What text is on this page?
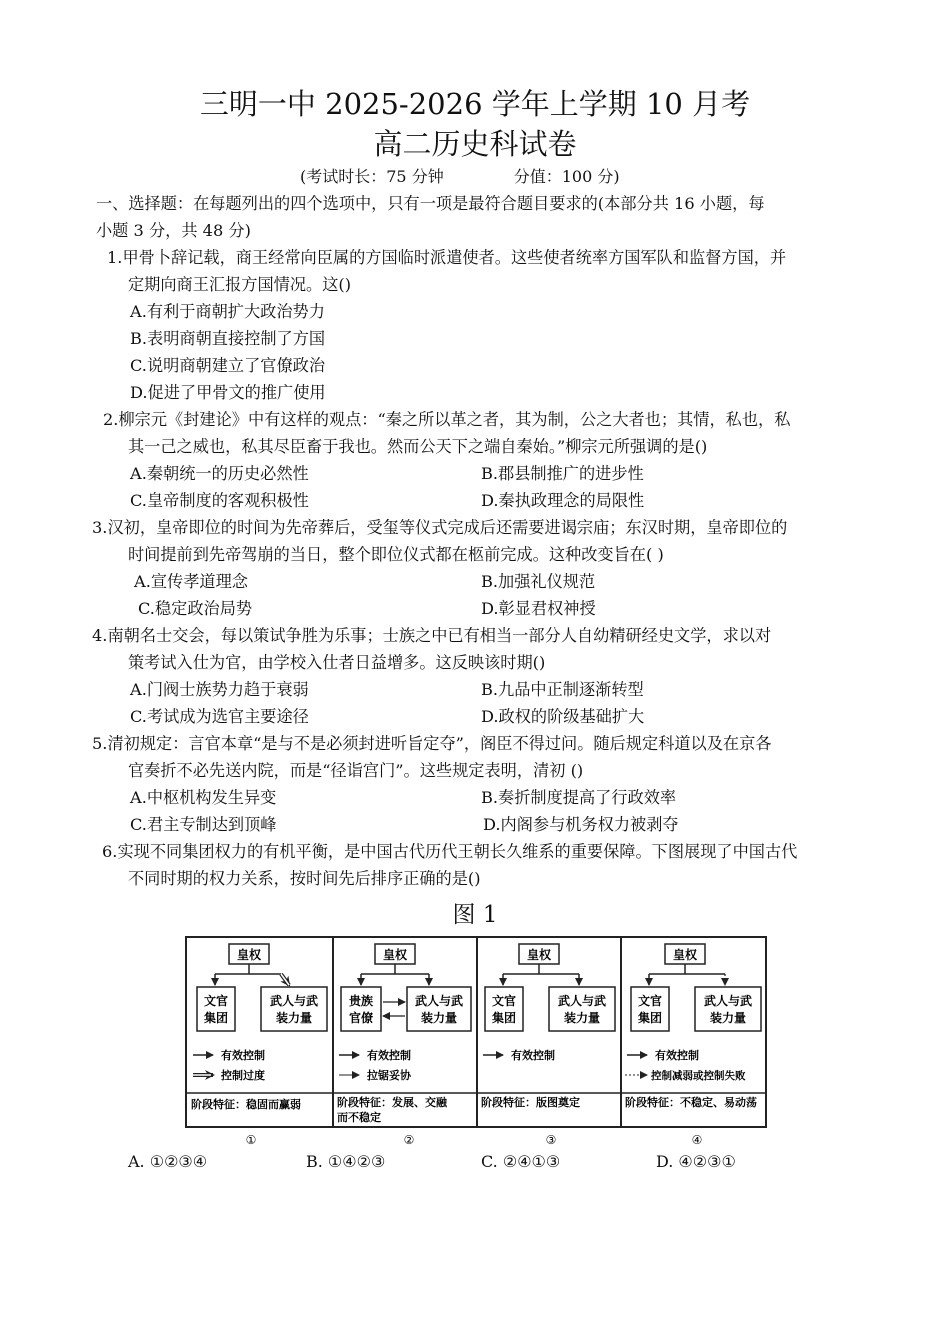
三明一中 2025-2026 学年上学期 10 月考
高二历史科试卷
(考试时长：75 分钟	分值：100 分)
一、选择题：在每题列出的四个选项中，只有一项是最符合题目要求的(本部分共 16 小题，每
小题 3 分，共 48 分)
1.甲骨卜辞记载，商王经常向臣属的方国临时派遣使者。这些使者统率方国军队和监督方国，并
定期向商王汇报方国情况。这()
A.有利于商朝扩大政治势力
B.表明商朝直接控制了方国
C.说明商朝建立了官僚政治
D.促进了甲骨文的推广使用
2.柳宗元《封建论》中有这样的观点：“秦之所以革之者，其为制，公之大者也；其情，私也，私
其一己之威也，私其尽臣畜于我也。然而公天下之端自秦始。”柳宗元所强调的是()
A.秦朝统一的历史必然性	B.郡县制推广的进步性
C.皇帝制度的客观积极性	D.秦执政理念的局限性
3.汉初，皇帝即位的时间为先帝葬后，受玺等仪式完成后还需要进谒宗庙；东汉时期，皇帝即位的
时间提前到先帝驾崩的当日，整个即位仪式都在柩前完成。这种改变旨在( )
A.宣传孝道理念	B.加强礼仪规范
C.稳定政治局势	D.彰显君权神授
4.南朝名士交会，每以策试争胜为乐事；士族之中已有相当一部分人自幼精研经史文学，求以对
策考试入仕为官，由学校入仕者日益增多。这反映该时期()
A.门阀士族势力趋于衰弱	B.九品中正制逐渐转型
C.考试成为选官主要途径	D.政权的阶级基础扩大
5.清初规定：言官本章“是与不是必须封进听旨定夺”，阁臣不得过问。随后规定科道以及在京各
官奏折不必先送内院，而是“径诣宫门”。这些规定表明，清初 ()
A.中枢机构发生异变	B.奏折制度提高了行政效率
C.君主专制达到顶峰	D.内阁参与机务权力被剥夺
6.实现不同集团权力的有机平衡，是中国古代历代王朝长久维系的重要保障。下图展现了中国古代
不同时期的权力关系，按时间先后排序正确的是()
图 1
皇权
文官
集团
武人与武
装力量
有效控制
控制过度
阶段特征：稳固而赢弱
①
皇权
贵族
官僚
武人与武
装力量
有效控制
拉锯妥协
阶段特征：发展、交融
而不稳定
②
皇权
文官
集团
武人与武
装力量
有效控制
阶段特征：版图奠定
③
皇权
文官
集团
武人与武
装力量
有效控制
控制减弱或控制失败
阶段特征：不稳定、易动荡
④
A. ①②③④	B. ①④②③	C. ②④①③	D. ④②③①
